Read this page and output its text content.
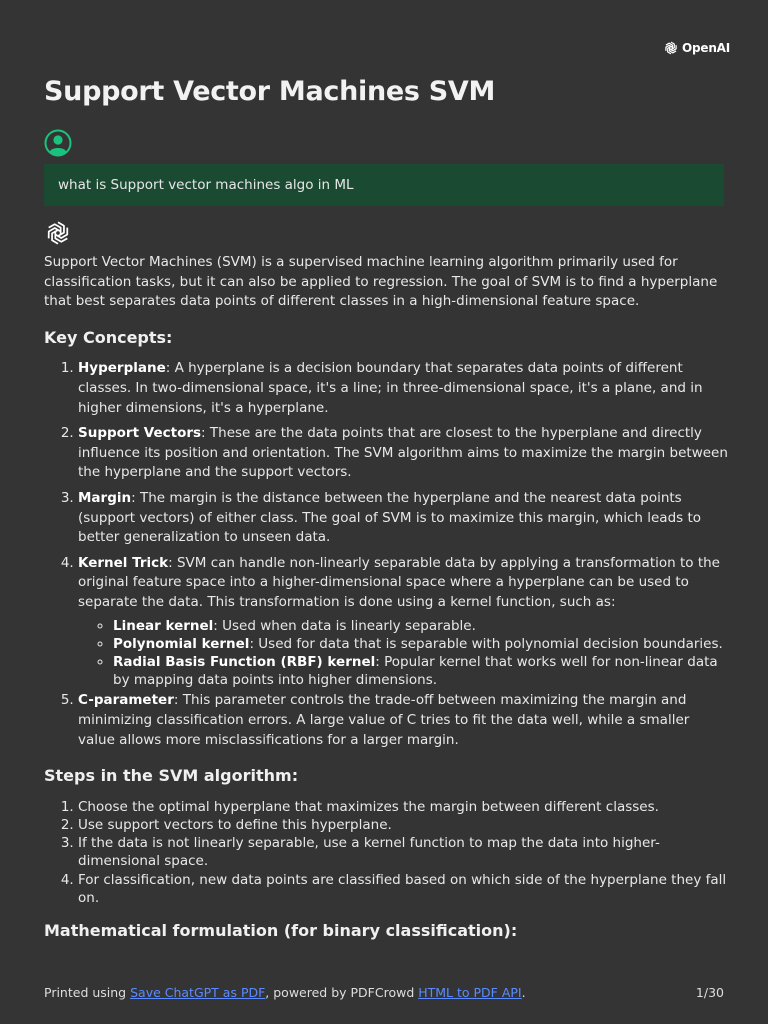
OpenAI
Support Vector Machines SVM
what is Support vector machines algo in ML

Support Vector Machines (SVM) is a supervised machine learning algorithm primarily used for classification tasks, but it can also be applied to regression. The goal of SVM is to find a hyperplane that best separates data points of different classes in a high-dimensional feature space.

Key Concepts:
1. Hyperplane: A hyperplane is a decision boundary that separates data points of different classes. In two-dimensional space, it's a line; in three-dimensional space, it's a plane, and in higher dimensions, it's a hyperplane.
2. Support Vectors: These are the data points that are closest to the hyperplane and directly influence its position and orientation. The SVM algorithm aims to maximize the margin between the hyperplane and the support vectors.
3. Margin: The margin is the distance between the hyperplane and the nearest data points (support vectors) of either class. The goal of SVM is to maximize this margin, which leads to better generalization to unseen data.
4. Kernel Trick: SVM can handle non-linearly separable data by applying a transformation to the original feature space into a higher-dimensional space where a hyperplane can be used to separate the data. This transformation is done using a kernel function, such as:
◦ Linear kernel: Used when data is linearly separable.
◦ Polynomial kernel: Used for data that is separable with polynomial decision boundaries.
◦ Radial Basis Function (RBF) kernel: Popular kernel that works well for non-linear data by mapping data points into higher dimensions.
5. C-parameter: This parameter controls the trade-off between maximizing the margin and minimizing classification errors. A large value of C tries to fit the data well, while a smaller value allows more misclassifications for a larger margin.
Steps in the SVM algorithm:
1. Choose the optimal hyperplane that maximizes the margin between different classes.
2. Use support vectors to define this hyperplane.
3. If the data is not linearly separable, use a kernel function to map the data into higher-dimensional space.
4. For classification, new data points are classified based on which side of the hyperplane they fall on.
Mathematical formulation (for binary classification):
Printed using Save ChatGPT as PDF, powered by PDFCrowd HTML to PDF API.	1/30
